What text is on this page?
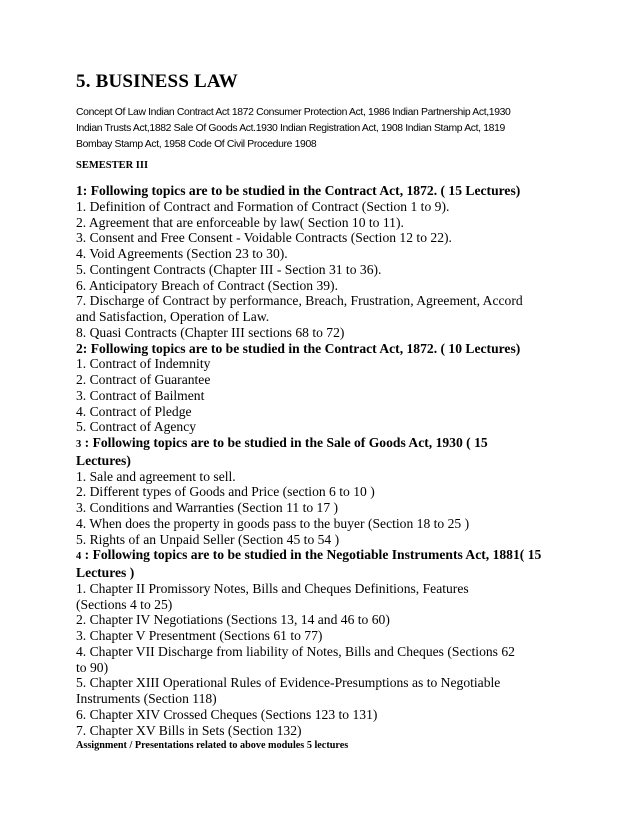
5. BUSINESS LAW
Concept Of Law Indian Contract Act 1872 Consumer Protection Act, 1986 Indian Partnership Act,1930
Indian Trusts Act,1882 Sale Of Goods Act.1930 Indian Registration Act, 1908 Indian Stamp Act, 1819
Bombay Stamp Act, 1958 Code Of Civil Procedure 1908
SEMESTER III
1: Following topics are to be studied in the Contract Act, 1872. ( 15 Lectures)
1. Definition of Contract and Formation of Contract (Section 1 to 9).
2. Agreement that are enforceable by law( Section 10 to 11).
3. Consent and Free Consent - Voidable Contracts (Section 12 to 22).
4. Void Agreements (Section 23 to 30).
5. Contingent Contracts (Chapter III - Section 31 to 36).
6. Anticipatory Breach of Contract (Section 39).
7. Discharge of Contract by performance, Breach, Frustration, Agreement, Accord
and Satisfaction, Operation of Law.
8. Quasi Contracts (Chapter III sections 68 to 72)
2: Following topics are to be studied in the Contract Act, 1872. ( 10 Lectures)
1. Contract of Indemnity
2. Contract of Guarantee
3. Contract of Bailment
4. Contract of Pledge
5. Contract of Agency
3 : Following topics are to be studied in the Sale of Goods Act, 1930 ( 15
Lectures)
1. Sale and agreement to sell.
2. Different types of Goods and Price (section 6 to 10 )
3. Conditions and Warranties (Section 11 to 17 )
4. When does the property in goods pass to the buyer (Section 18 to 25 )
5. Rights of an Unpaid Seller (Section 45 to 54 )
4 : Following topics are to be studied in the Negotiable Instruments Act, 1881( 15
Lectures )
1. Chapter II Promissory Notes, Bills and Cheques Definitions, Features
(Sections 4 to 25)
2. Chapter IV Negotiations (Sections 13, 14 and 46 to 60)
3. Chapter V Presentment (Sections 61 to 77)
4. Chapter VII Discharge from liability of Notes, Bills and Cheques (Sections 62
to 90)
5. Chapter XIII Operational Rules of Evidence-Presumptions as to Negotiable
Instruments (Section 118)
6. Chapter XIV Crossed Cheques (Sections 123 to 131)
7. Chapter XV Bills in Sets (Section 132)
Assignment / Presentations related to above modules 5 lectures
